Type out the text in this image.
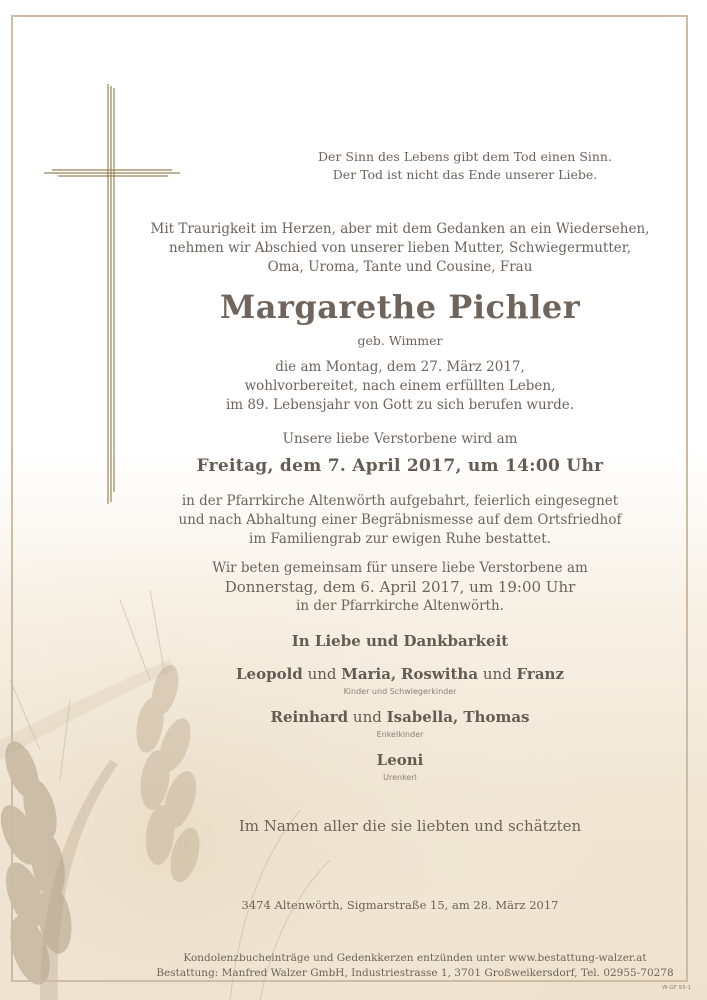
Der Sinn des Lebens gibt dem Tod einen Sinn.
Der Tod ist nicht das Ende unserer Liebe.
Mit Traurigkeit im Herzen, aber mit dem Gedanken an ein Wiedersehen,
nehmen wir Abschied von unserer lieben Mutter, Schwiegermutter,
Oma, Uroma, Tante und Cousine, Frau
Margarethe Pichler
geb. Wimmer
die am Montag, dem 27. März 2017,
wohlvorbereitet, nach einem erfüllten Leben,
im 89. Lebensjahr von Gott zu sich berufen wurde.
Unsere liebe Verstorbene wird am
Freitag, dem 7. April 2017, um 14:00 Uhr
in der Pfarrkirche Altenwörth aufgebahrt, feierlich eingesegnet
und nach Abhaltung einer Begräbnismesse auf dem Ortsfriedhof
im Familiengrab zur ewigen Ruhe bestattet.
Wir beten gemeinsam für unsere liebe Verstorbene am
Donnerstag, dem 6. April 2017, um 19:00 Uhr
in der Pfarrkirche Altenwörth.
In Liebe und Dankbarkeit
Leopold und Maria, Roswitha und Franz
Kinder und Schwiegerkinder
Reinhard und Isabella, Thomas
Enkelkinder
Leoni
Urenkerl
Im Namen aller die sie liebten und schätzten
3474 Altenwörth, Sigmarstraße 15, am 28. März 2017
Kondolenzbucheinträge und Gedenkkerzen entzünden unter www.bestattung-walzer.at
Bestattung: Manfred Walzer GmbH, Industriestrasse 1, 3701 Großweikersdorf, Tel. 02955-70278
W-GF 93-1
